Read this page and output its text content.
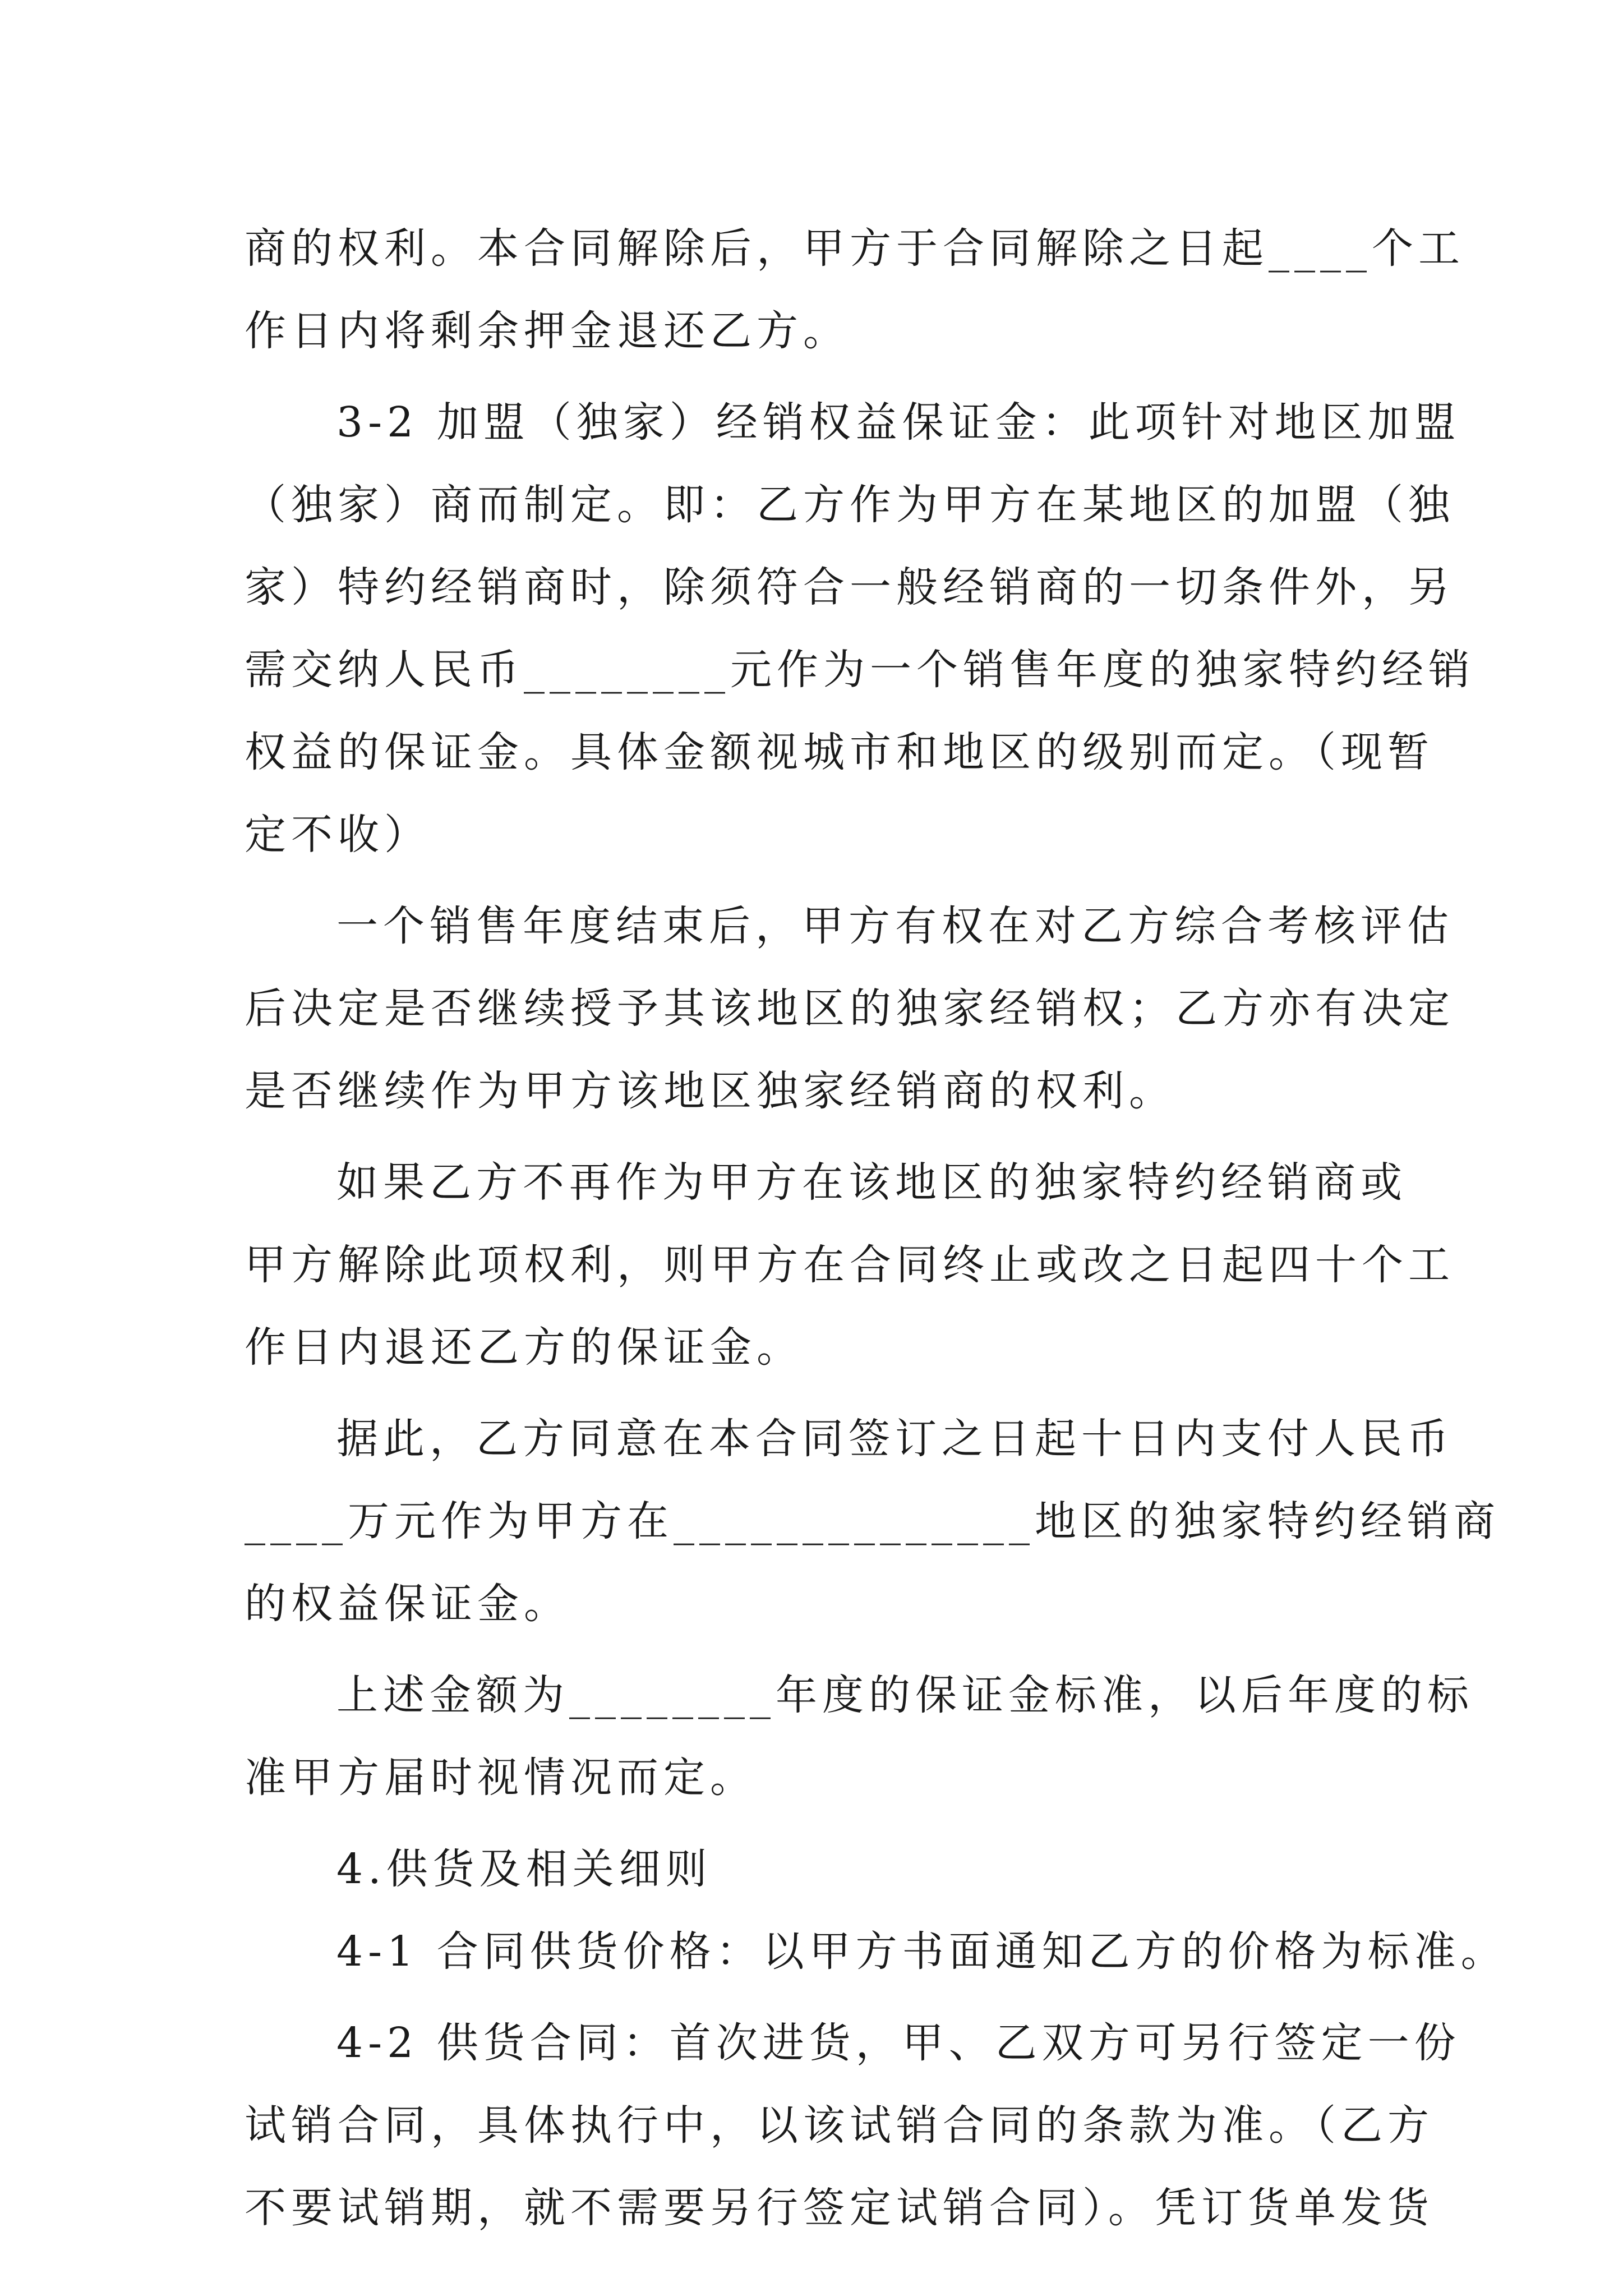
商的权利。本合同解除后，甲方于合同解除之日起____个工
作日内将剩余押金退还乙方。
3-2 加盟（独家）经销权益保证金：此项针对地区加盟
（独家）商而制定。即：乙方作为甲方在某地区的加盟（独
家）特约经销商时，除须符合一般经销商的一切条件外，另
需交纳人民币________元作为一个销售年度的独家特约经销
权益的保证金。具体金额视城市和地区的级别而定。（现暂
定不收）
一个销售年度结束后，甲方有权在对乙方综合考核评估
后决定是否继续授予其该地区的独家经销权；乙方亦有决定
是否继续作为甲方该地区独家经销商的权利。
如果乙方不再作为甲方在该地区的独家特约经销商或
甲方解除此项权利，则甲方在合同终止或改之日起四十个工
作日内退还乙方的保证金。
据此，乙方同意在本合同签订之日起十日内支付人民币
____万元作为甲方在______________地区的独家特约经销商
的权益保证金。
上述金额为________年度的保证金标准，以后年度的标
准甲方届时视情况而定。
4.供货及相关细则
4-1 合同供货价格：以甲方书面通知乙方的价格为标准。
4-2 供货合同：首次进货，甲、乙双方可另行签定一份
试销合同，具体执行中，以该试销合同的条款为准。（乙方
不要试销期，就不需要另行签定试销合同）。凭订货单发货
